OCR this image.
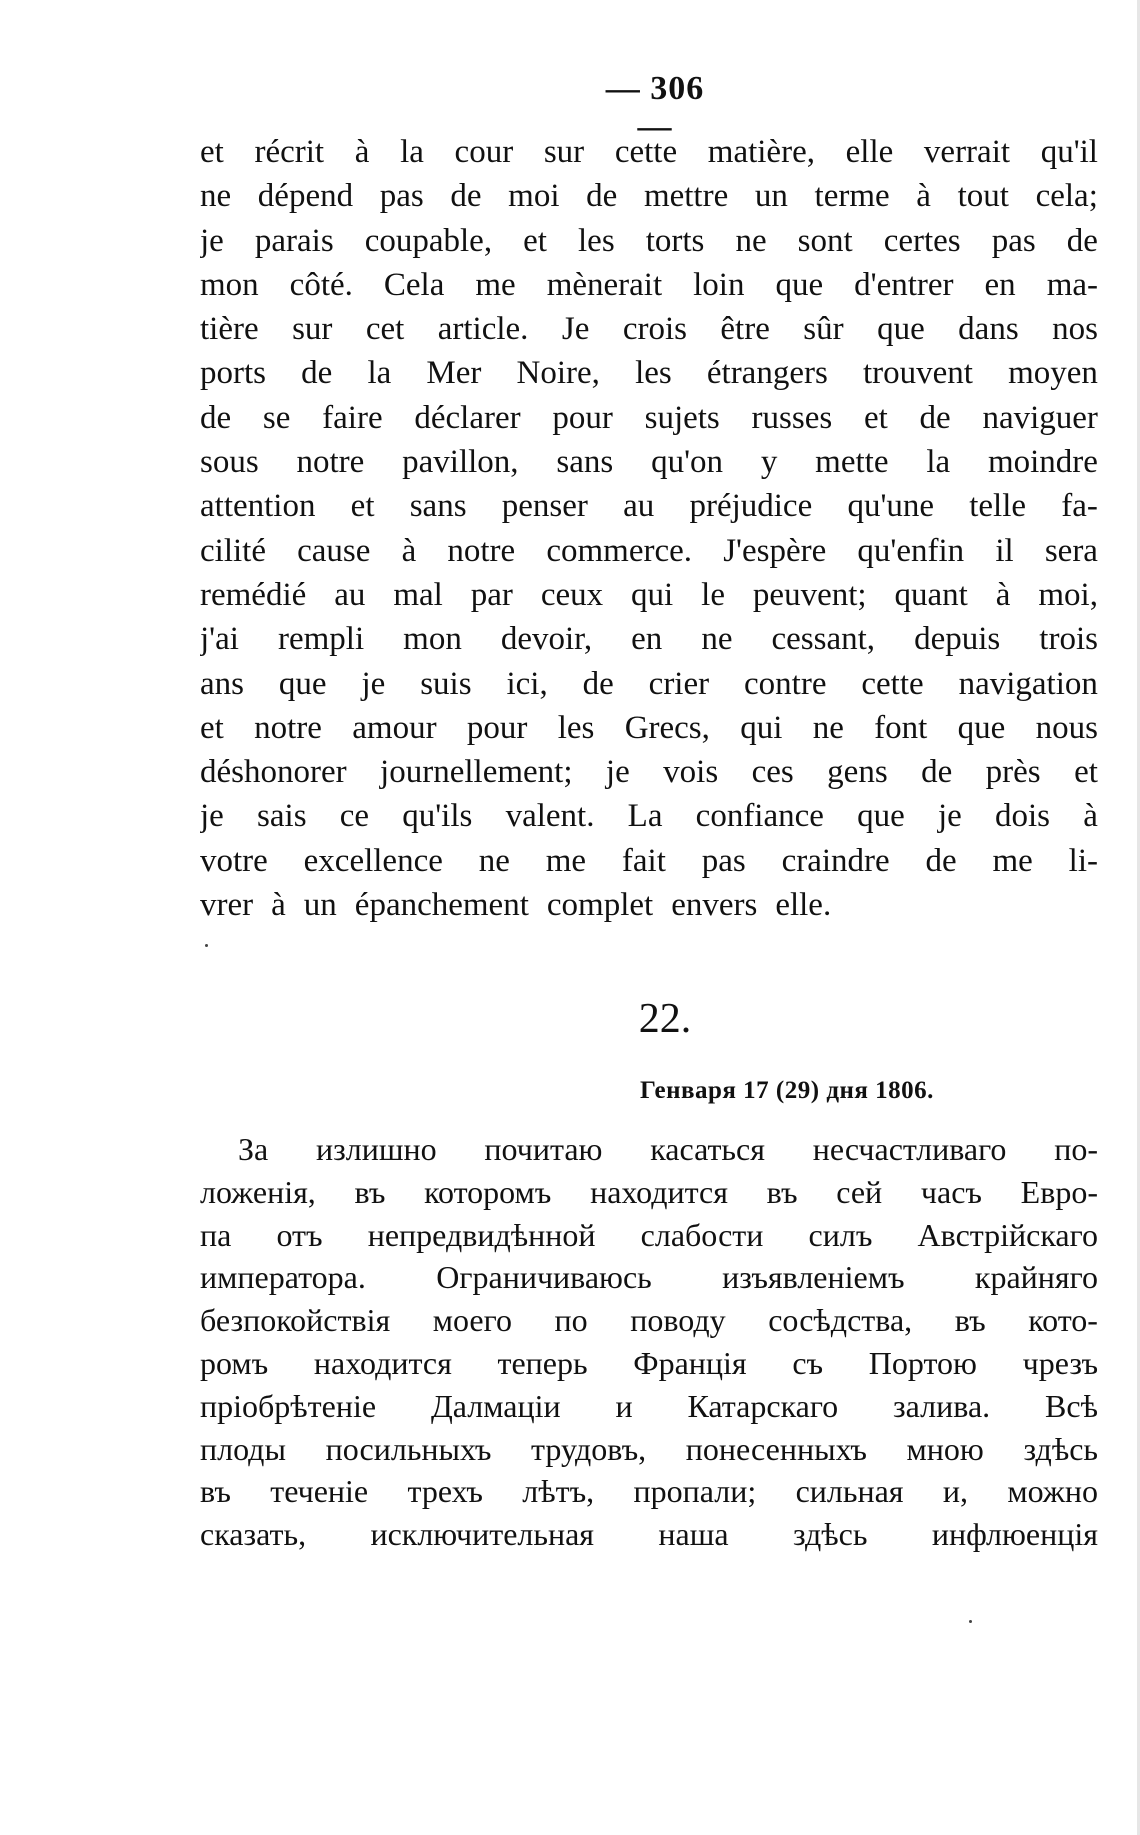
— 306 —
et récrit à la cour sur cette matière, elle verrait qu'il
ne dépend pas de moi de mettre un terme à tout cela;
je parais coupable, et les torts ne sont certes pas de
mon côté. Cela me mènerait loin que d'entrer en ma-
tière sur cet article. Je crois être sûr que dans nos
ports de la Mer Noire, les étrangers trouvent moyen
de se faire déclarer pour sujets russes et de naviguer
sous notre pavillon, sans qu'on y mette la moindre
attention et sans penser au préjudice qu'une telle fa-
cilité cause à notre commerce. J'espère qu'enfin il sera
remédié au mal par ceux qui le peuvent; quant à moi,
j'ai rempli mon devoir, en ne cessant, depuis trois
ans que je suis ici, de crier contre cette navigation
et notre amour pour les Grecs, qui ne font que nous
déshonorer journellement; je vois ces gens de près et
je sais ce qu'ils valent. La confiance que je dois à
votre excellence ne me fait pas craindre de me li-
vrer à un épanchement complet envers elle.
22.
Генваря 17 (29) дня 1806.
За излишно почитаю касаться несчастливаго по-
ложенія, въ которомъ находится въ сей часъ Евро-
па отъ непредвидѣнной слабости силъ Австрійскаго
императора. Ограничиваюсь изъявленіемъ крайняго
безпокойствія моего по поводу сосѣдства, въ кото-
ромъ находится теперь Францiя съ Портою чрезъ
пріобрѣтеніе Далмацiи и Катарскаго залива. Всѣ
плоды посильныхъ трудовъ, понесенныхъ мною здѣсь
въ теченіе трехъ лѣтъ, пропали; сильная и, можно
сказать, исключительная наша здѣсь инфлюенція
